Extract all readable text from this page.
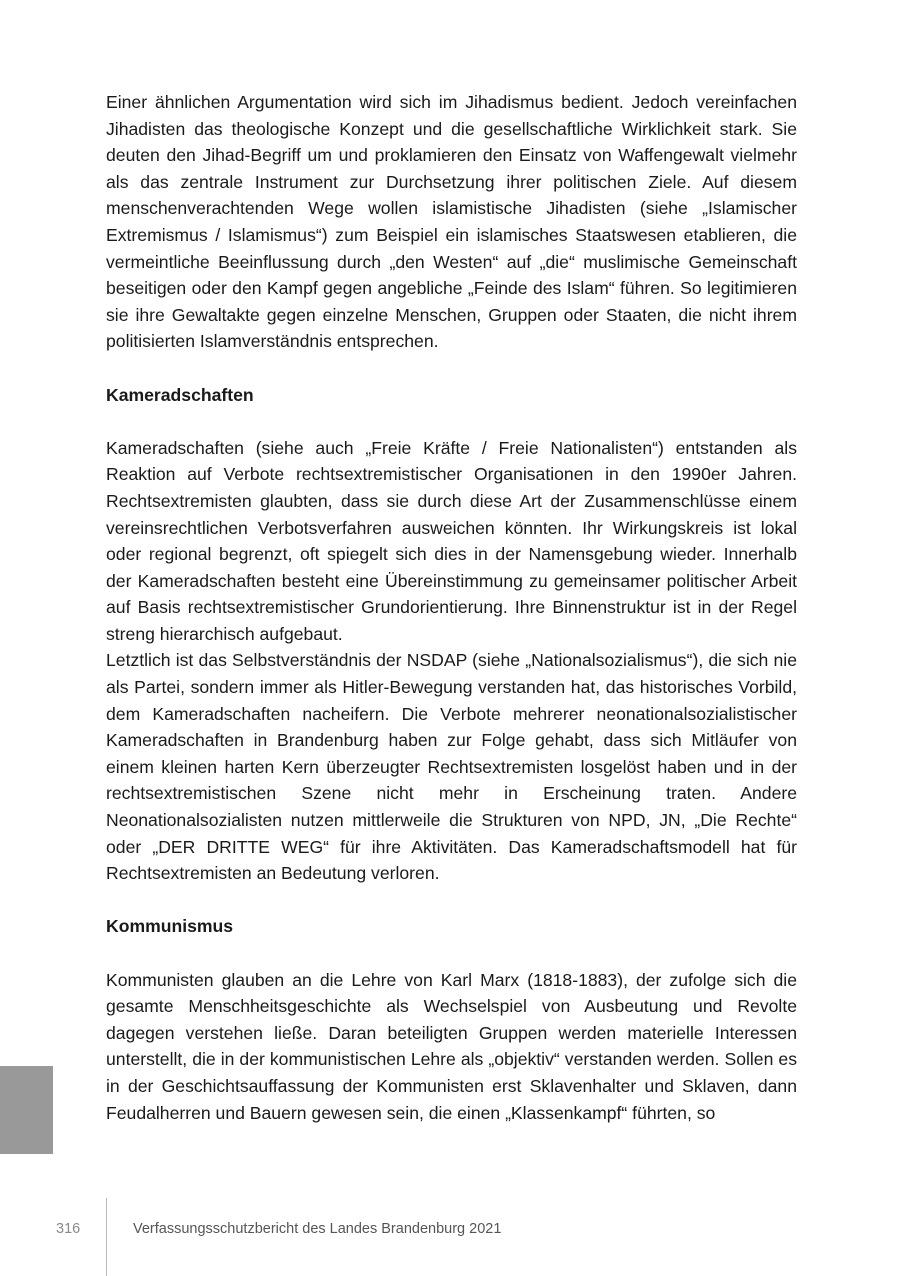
Einer ähnlichen Argumentation wird sich im Jihadismus bedient. Jedoch vereinfachen Jihadisten das theologische Konzept und die gesellschaftliche Wirklichkeit stark. Sie deuten den Jihad-Begriff um und proklamieren den Einsatz von Waffengewalt vielmehr als das zentrale Instrument zur Durchsetzung ihrer politischen Ziele. Auf diesem menschenverachtenden Wege wollen islamistische Jihadisten (siehe „Islamischer Extremismus / Islamismus“) zum Beispiel ein islamisches Staatswesen etablieren, die vermeintliche Beeinflussung durch „den Westen“ auf „die“ muslimische Gemeinschaft beseitigen oder den Kampf gegen angebliche „Feinde des Islam“ führen. So legitimieren sie ihre Gewaltakte gegen einzelne Menschen, Gruppen oder Staaten, die nicht ihrem politisierten Islamverständnis entsprechen.

Kameradschaften

Kameradschaften (siehe auch „Freie Kräfte / Freie Nationalisten“) entstanden als Reaktion auf Verbote rechtsextremistischer Organisationen in den 1990er Jahren. Rechtsextremisten glaubten, dass sie durch diese Art der Zusammenschlüsse einem vereinsrechtlichen Verbotsverfahren ausweichen könnten. Ihr Wirkungskreis ist lokal oder regional begrenzt, oft spiegelt sich dies in der Namensgebung wieder. Innerhalb der Kameradschaften besteht eine Übereinstimmung zu gemeinsamer politischer Arbeit auf Basis rechtsextremistischer Grundorientierung. Ihre Binnenstruktur ist in der Regel streng hierarchisch aufgebaut.

Letztlich ist das Selbstverständnis der NSDAP (siehe „Nationalsozialismus“), die sich nie als Partei, sondern immer als Hitler-Bewegung verstanden hat, das historisches Vorbild, dem Kameradschaften nacheifern. Die Verbote mehrerer neonationalsozialistischer Kameradschaften in Brandenburg haben zur Folge gehabt, dass sich Mitläufer von einem kleinen harten Kern überzeugter Rechtsextremisten losgelöst haben und in der rechtsextremistischen Szene nicht mehr in Erscheinung traten. Andere Neonationalsozialisten nutzen mittlerweile die Strukturen von NPD, JN, „Die Rechte“ oder „DER DRITTE WEG“ für ihre Aktivitäten. Das Kameradschaftsmodell hat für Rechtsextremisten an Bedeutung verloren.

Kommunismus

Kommunisten glauben an die Lehre von Karl Marx (1818-1883), der zufolge sich die gesamte Menschheitsgeschichte als Wechselspiel von Ausbeutung und Revolte dagegen verstehen ließe. Daran beteiligten Gruppen werden materielle Interessen unterstellt, die in der kommunistischen Lehre als „objektiv“ verstanden werden. Sollen es in der Geschichtsauffassung der Kommunisten erst Sklavenhalter und Sklaven, dann Feudalherren und Bauern gewesen sein, die einen „Klassenkampf“ führten, so

316	Verfassungsschutzbericht des Landes Brandenburg 2021
